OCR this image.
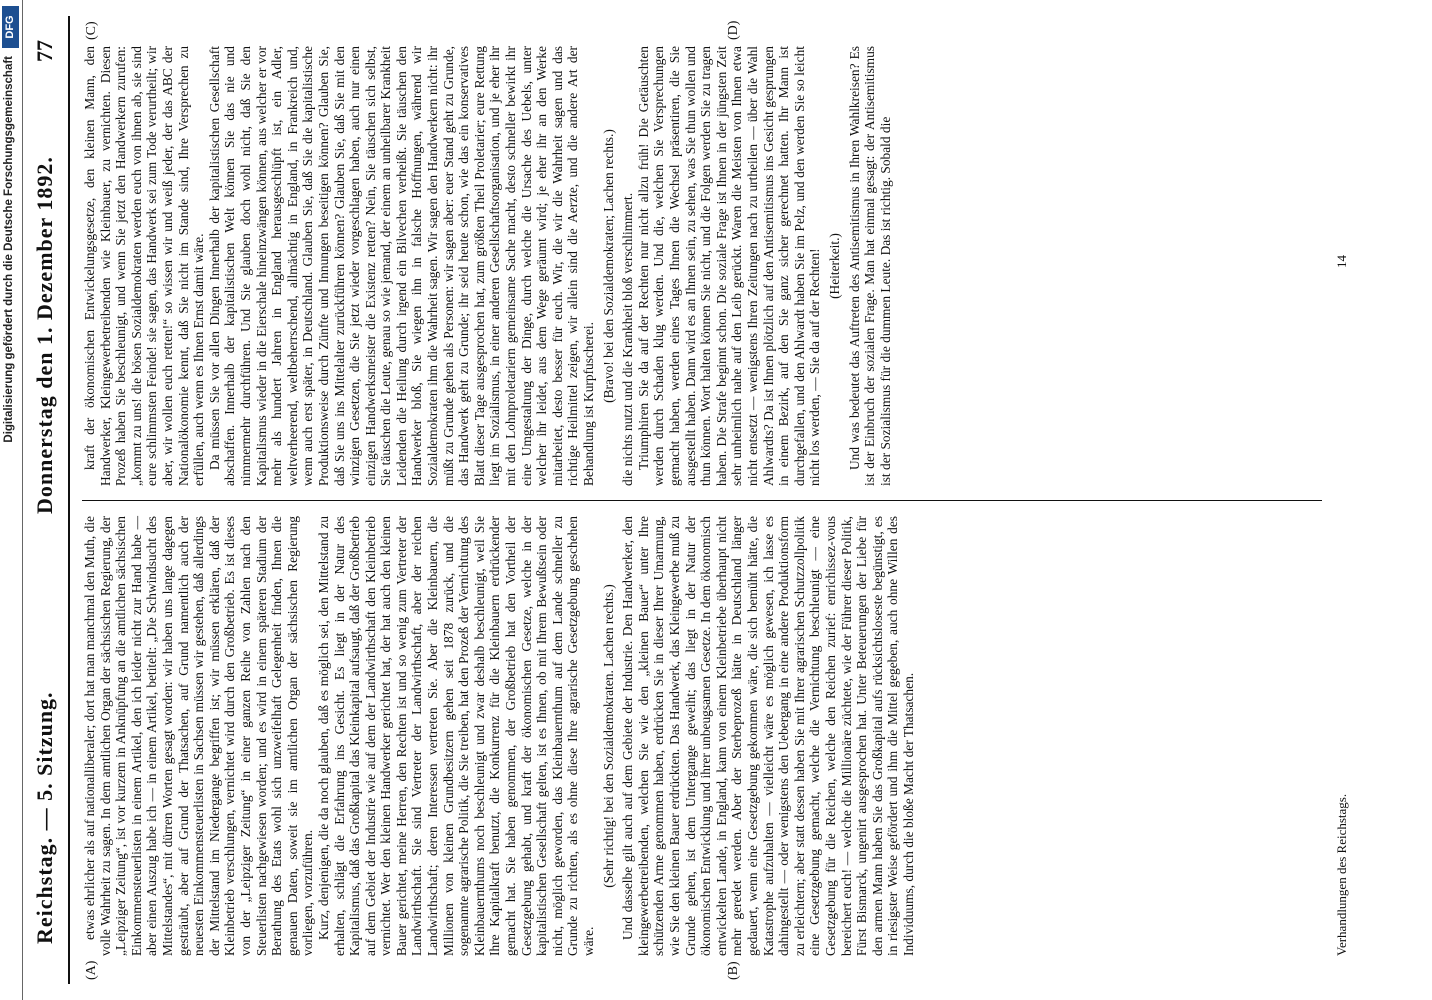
Digitalisierung gefördert durch die Deutsche Forschungsgemeinschaft
DFG
Reichstag. — 5. Sitzung.
Donnerstag den 1. Dezember 1892.
77
(A)	(B)
(C)	(D)

etwas ehrlicher als auf nationalliberaler; dort hat man manchmal den Muth, die volle Wahrheit zu sagen. In dem amtlichen Organ der sächsischen Regierung, der „Leipziger Zeitung“, ist vor kurzem in Anknüpfung an die amtlichen sächsischen Einkommensteuerlisten in einem Artikel, den ich leider nicht zur Hand habe — aber einen Auszug habe ich — in einem Artikel, betitelt: „Die Schwindsucht des Mittelstandes“, mit dürren Worten gesagt worden: wir haben uns lange dagegen gesträubt, aber auf Grund der Thatsachen, auf Grund namentlich auch der neuesten Einkommensteuerlisten in Sachsen müssen wir gestehen, daß allerdings der Mittelstand im Niedergange begriffen ist; wir müssen erklären, daß der Kleinbetrieb verschlungen, vernichtet wird durch den Großbetrieb. Es ist dieses von der „Leipziger Zeitung“ in einer ganzen Reihe von Zahlen nach den Steuerlisten nachgewiesen worden; und es wird in einem späteren Stadium der Berathung des Etats wohl sich unzweifelhaft Gelegenheit finden, Ihnen die genauen Daten, soweit sie im amtlichen Organ der sächsischen Regierung vorliegen, vorzuführen. Kurz, denjenigen, die da noch glauben, daß es möglich sei, den Mittelstand zu erhalten, schlägt die Erfahrung ins Gesicht. Es liegt in der Natur des Kapitalismus, daß das Großkapital das Kleinkapital aufsaugt, daß der Großbetrieb auf dem Gebiet der Industrie wie auf dem der Landwirthschaft den Kleinbetrieb vernichtet. Wer den kleinen Handwerker gerichtet hat, der hat auch den kleinen Bauer gerichtet, meine Herren, den Rechten ist und so wenig zum Vertreter der Landwirthschaft. Sie sind Vertreter der Landwirthschaft, aber der reichen Landwirthschaft; deren Interessen vertreten Sie. Aber die Kleinbauern, die Millionen von kleinen Grundbesitzern gehen seit 1878 zurück, und die sogenannte agrarische Politik, die Sie treiben, hat den Prozeß der Vernichtung des Kleinbauernthums noch beschleunigt und zwar deshalb beschleunigt, weil Sie Ihre Kapitalkraft benutzt, die Konkurrenz für die Kleinbauern erdrückender gemacht hat. Sie haben genommen, der Großbetrieb hat den Vortheil der Gesetzgebung gehabt, und kraft der ökonomischen Gesetze, welche in der kapitalistischen Gesellschaft gelten, ist es Ihnen, ob mit Ihrem Bewußtsein oder nicht, möglich geworden, das Kleinbauernthum auf dem Lande schneller zu Grunde zu richten, als es ohne diese Ihre agrarische Gesetzgebung geschehen wäre.

(Sehr richtig! bei den Sozialdemokraten. Lachen rechts.) Und dasselbe gilt auch auf dem Gebiete der Industrie. Den Handwerker, den kleingewerbetreibenden, welchen Sie wie den „kleinen Bauer“ unter Ihre schützenden Arme genommen haben, erdrücken Sie in dieser Ihrer Umarmung, wie Sie den kleinen Bauer erdrückten. Das Handwerk, das Kleingewerbe muß zu Grunde gehen, ist dem Untergange geweiht; das liegt in der Natur der ökonomischen Entwicklung und ihrer unbeugsamen Gesetze. In dem ökonomisch entwickelten Lande, in England, kann von einem Kleinbetriebe überhaupt nicht mehr geredet werden. Aber der Sterbeprozeß hätte in Deutschland länger gedauert, wenn eine Gesetzgebung gekommen wäre, die sich bemüht hätte, die Katastrophe aufzuhalten — vielleicht wäre es möglich gewesen, ich lasse es dahingestellt — oder wenigstens den Uebergang in eine andere Produktionsform zu erleichtern; aber statt dessen haben Sie mit Ihrer agrarischen Schutzzollpolitik eine Gesetzgebung gemacht, welche die Vernichtung beschleunigt — eine Gesetzgebung für die Reichen, welche den Reichen zurief: enrichissez-vous bereichert euch! — welche die Millionäre züchtete, wie der Führer dieser Politik, Fürst Bismarck, ungenirt ausgesprochen hat. Unter Beteuerungen der Liebe für den armen Mann haben Sie das Großkapital aufs rücksichtsloseste begünstigt, es in riesigster Weise gefördert und ihm die Mittel gegeben, auch ohne Willen des Individuums, durch die bloße Macht der Thatsachen.

kraft der ökonomischen Entwickelungsgesetze, den kleinen Mann, den Handwerker, Kleingewerbetreibenden wie Kleinbauer, zu vernichten. Diesen Prozeß haben Sie beschleunigt, und wenn Sie jetzt den Handwerkern zurufen: „kommt zu uns! die bösen Sozialdemokraten werden euch von ihnen ab, sie sind eure schlimmsten Feinde! sie sagen, das Handwerk sei zum Tode verurtheilt; wir aber, wir wollen euch retten!“ so wissen wir und weiß jeder, der das ABC der Nationalökonomie kennt, daß Sie nicht im Stande sind, Ihre Versprechen zu erfüllen, auch wenn es Ihnen Ernst damit wäre. Da müssen Sie vor allen Dingen Innerhalb der kapitalistischen Gesellschaft abschaffen. Innerhalb der kapitalistischen Welt können Sie das nie und nimmermehr durchführen. Und Sie glauben doch wohl nicht, daß Sie den Kapitalismus wieder in die Eierschale hineinzwängen können, aus welcher er vor mehr als hundert Jahren in England herausgeschlüpft ist, ein Adler, weltverheerend, weltbeherrschend, allmächtig in England, in Frankreich und, wenn auch erst später, in Deutschland. Glauben Sie, daß Sie die kapitalistische Produktionsweise durch Zünfte und Innungen beseitigen können? Glauben Sie, daß Sie uns ins Mittelalter zurückführen können? Glauben Sie, daß Sie mit den winzigen Gesetzen, die Sie jetzt wieder vorgeschlagen haben, auch nur einen einzigen Handwerksmeister die Existenz retten? Nein, Sie täuschen sich selbst, Sie täuschen die Leute, genau so wie jemand, der einem an unheilbarer Krankheit Leidenden die Heilung durch irgend ein Bilvechen verheißt. Sie täuschen den Handwerker bloß, Sie wiegen ihn in falsche Hoffnungen, während wir Sozialdemokraten ihm die Wahrheit sagen. Wir sagen den Handwerkern nicht: ihr müßt zu Grunde gehen als Personen: wir sagen aber: euer Stand geht zu Grunde, das Handwerk geht zu Grunde; ihr seid heute schon, wie das ein konservatives Blatt dieser Tage ausgesprochen hat, zum größten Theil Proletarier; eure Rettung liegt im Sozialismus, in einer anderen Gesellschaftsorganisation, und je eher ihr mit den Lohnproletariern gemeinsame Sache macht, desto schneller bewirkt ihr eine Umgestaltung der Dinge, durch welche die Ursache des Uebels, unter welcher ihr leidet, aus dem Wege geräumt wird; je eher ihr an den Werke mitarbeitet, desto besser für euch. Wir, die wir die Wahrheit sagen und das richtige Heilmittel zeigen, wir allein sind die Aerzte, und die andere Art der Behandlung ist Kurpfuscherei.

(Bravo! bei den Sozialdemokraten; Lachen rechts.) die nichts nutzt und die Krankheit bloß verschlimmert. Triumphiren Sie da auf der Rechten nur nicht allzu früh! Die Getäuschten werden durch Schaden klug werden. Und die, welchen Sie Versprechungen gemacht haben, werden eines Tages Ihnen die Wechsel präsentiren, die Sie ausgestellt haben. Dann wird es an Ihnen sein, zu sehen, was Sie thun wollen und thun können. Wort halten können Sie nicht, und die Folgen werden Sie zu tragen haben. Die Strafe beginnt schon. Die soziale Frage ist Ihnen in der jüngsten Zeit sehr unheimlich nahe auf den Leib gerückt. Waren die Meisten von Ihnen etwa nicht entsetzt — wenigstens Ihren Zeitungen nach zu urtheilen — über die Wahl Ahlwardts? Da ist Ihnen plötzlich auf den Antisemitismus ins Gesicht gesprungen in einem Bezirk, auf den Sie ganz sicher gerechnet hatten. Ihr Mann ist durchgefallen, und den Ahlwardt haben Sie im Pelz, und den werden Sie so leicht nicht los werden, — Sie da auf der Rechten! (Heiterkeit.) Und was bedeutet das Auftreten des Antisemitismus in Ihren Wahlkreisen? Es ist der Einbruch der sozialen Frage. Man hat einmal gesagt: der Antisemitismus ist der Sozialismus für die dummen Leute. Das ist richtig. Sobald die

Verhandlungen des Reichstags.
14
